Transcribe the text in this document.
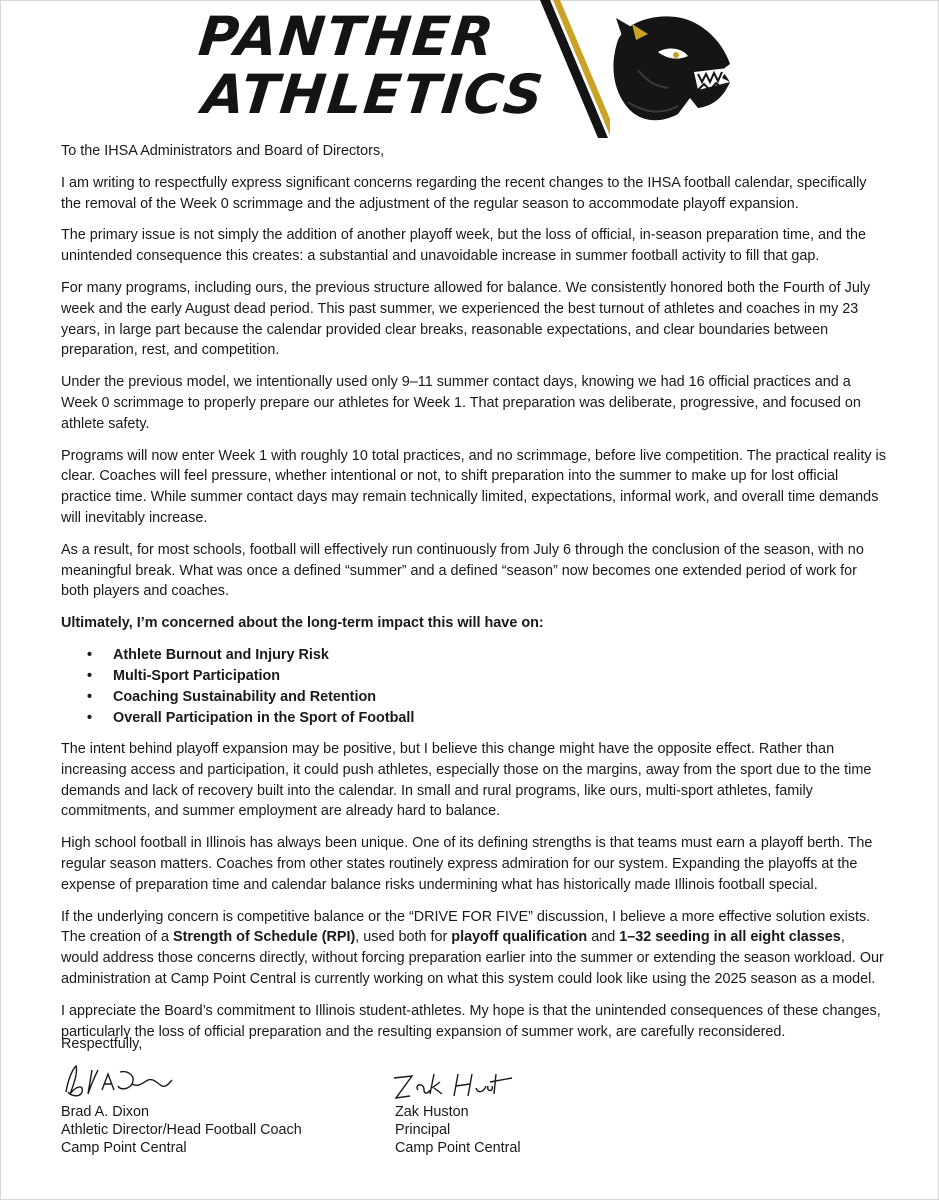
PANTHER

ATHLETICS

To the IHSA Administrators and Board of Directors,

I am writing to respectfully express significant concerns regarding the recent changes to the IHSA football calendar, specifically the removal of the Week 0 scrimmage and the adjustment of the regular season to accommodate playoff expansion.

The primary issue is not simply the addition of another playoff week, but the loss of official, in-season preparation time, and the unintended consequence this creates: a substantial and unavoidable increase in summer football activity to fill that gap.

For many programs, including ours, the previous structure allowed for balance. We consistently honored both the Fourth of July week and the early August dead period. This past summer, we experienced the best turnout of athletes and coaches in my 23 years, in large part because the calendar provided clear breaks, reasonable expectations, and clear boundaries between preparation, rest, and competition.

Under the previous model, we intentionally used only 9–11 summer contact days, knowing we had 16 official practices and a Week 0 scrimmage to properly prepare our athletes for Week 1. That preparation was deliberate, progressive, and focused on athlete safety.

Programs will now enter Week 1 with roughly 10 total practices, and no scrimmage, before live competition. The practical reality is clear. Coaches will feel pressure, whether intentional or not, to shift preparation into the summer to make up for lost official practice time. While summer contact days may remain technically limited, expectations, informal work, and overall time demands will inevitably increase.

As a result, for most schools, football will effectively run continuously from July 6 through the conclusion of the season, with no meaningful break. What was once a defined “summer” and a defined “season” now becomes one extended period of work for both players and coaches.

Ultimately, I’m concerned about the long-term impact this will have on:

• Athlete Burnout and Injury Risk
• Multi-Sport Participation
• Coaching Sustainability and Retention
• Overall Participation in the Sport of Football

The intent behind playoff expansion may be positive, but I believe this change might have the opposite effect. Rather than increasing access and participation, it could push athletes, especially those on the margins, away from the sport due to the time demands and lack of recovery built into the calendar. In small and rural programs, like ours, multi-sport athletes, family commitments, and summer employment are already hard to balance.

High school football in Illinois has always been unique. One of its defining strengths is that teams must earn a playoff berth. The regular season matters. Coaches from other states routinely express admiration for our system. Expanding the playoffs at the expense of preparation time and calendar balance risks undermining what has historically made Illinois football special.

If the underlying concern is competitive balance or the “DRIVE FOR FIVE” discussion, I believe a more effective solution exists. The creation of a Strength of Schedule (RPI), used both for playoff qualification and 1–32 seeding in all eight classes, would address those concerns directly, without forcing preparation earlier into the summer or extending the season workload. Our administration at Camp Point Central is currently working on what this system could look like using the 2025 season as a model.

I appreciate the Board’s commitment to Illinois student-athletes. My hope is that the unintended consequences of these changes, particularly the loss of official preparation and the resulting expansion of summer work, are carefully reconsidered.

Respectfully,
Brad A. Dixon
Athletic Director/Head Football Coach
Camp Point Central
Zak Huston
Principal
Camp Point Central
